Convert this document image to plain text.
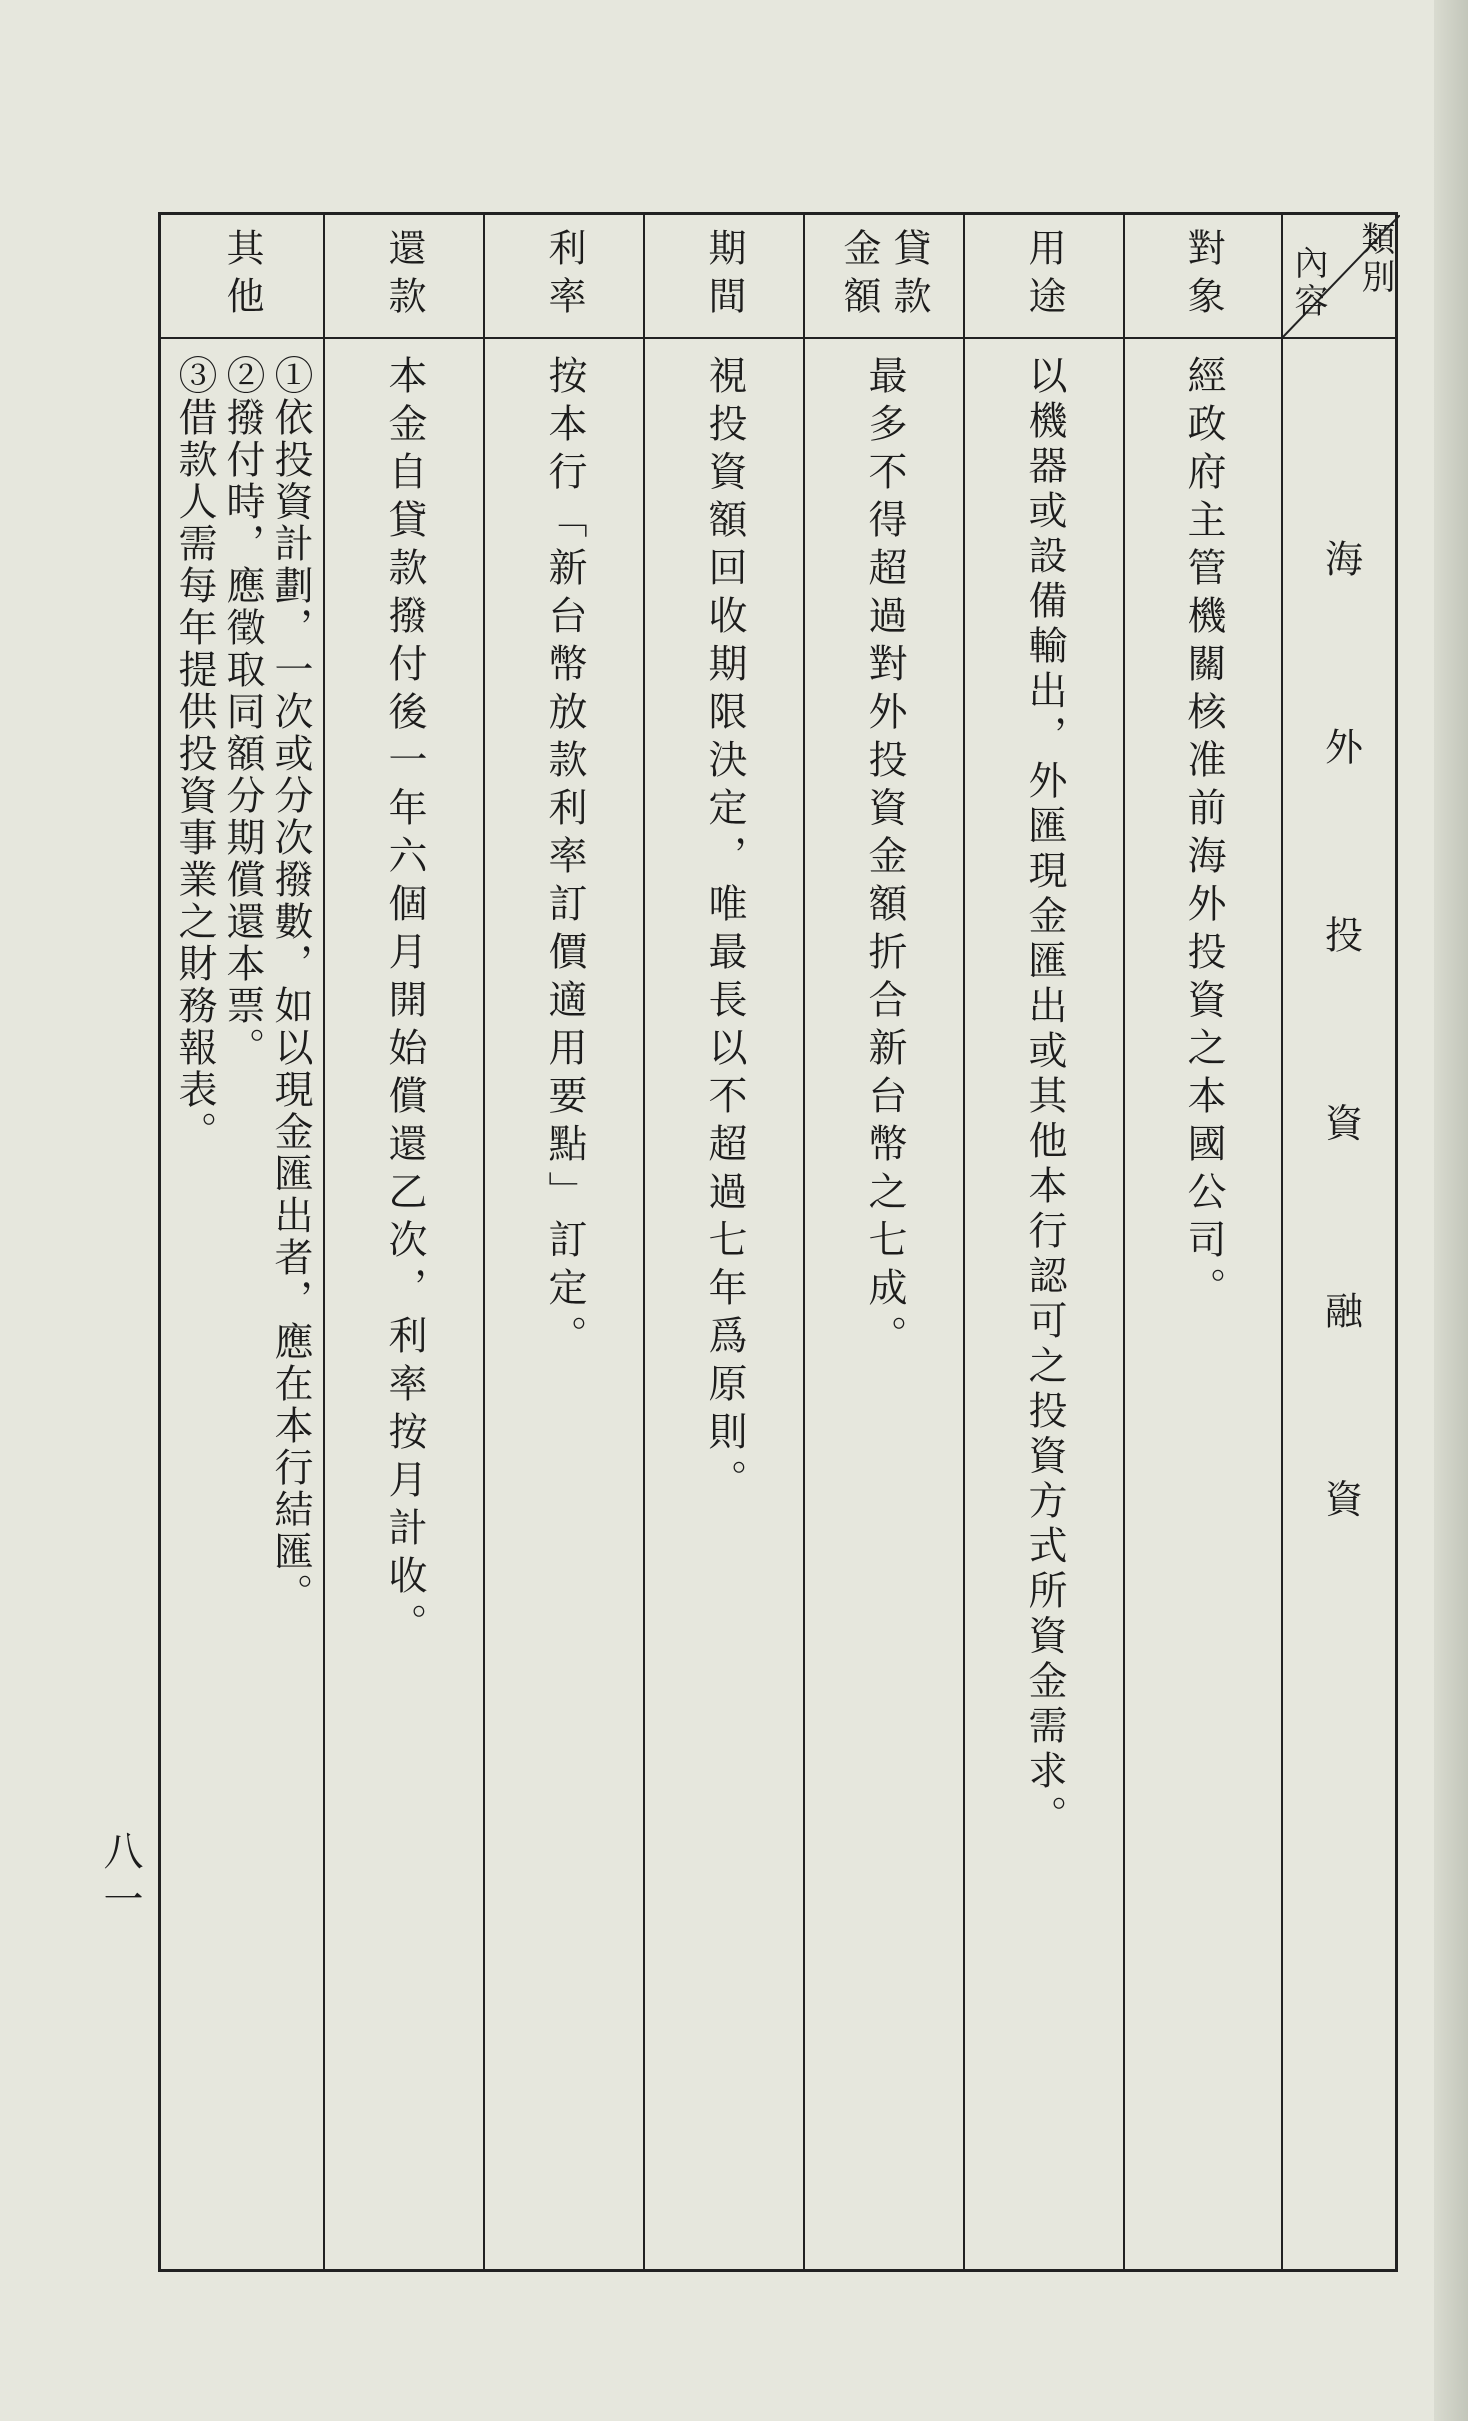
類別
內容
海外投資融資
對象
經政府主管機關核准前海外投資之本國公司。
用途
以機器或設備輸出，外匯現金匯出或其他本行認可之投資方式所資金需求。
貸款
金額
最多不得超過對外投資金額折合新台幣之七成。
期間
視投資額回收期限決定，唯最長以不超過七年爲原則。
利率
按本行「新台幣放款利率訂價適用要點」訂定。
還款
本金自貸款撥付後一年六個月開始償還乙次，利率按月計收。
其他
①依投資計劃，一次或分次撥數，如以現金匯出者，應在本行結匯。
②撥付時，應徵取同額分期償還本票。
③借款人需每年提供投資事業之財務報表。
八一
